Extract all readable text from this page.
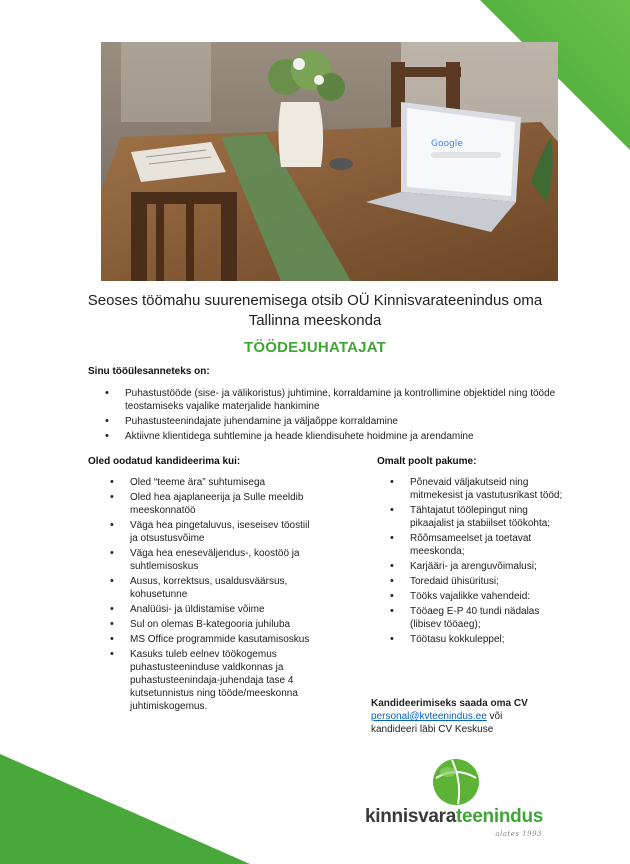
Google
Seoses töömahu suurenemisega otsib OÜ Kinnisvarateenindus oma
Tallinna meeskonda
TÖÖDEJUHATAJAT
Sinu tööülesanneteks on:
• Puhastustööde (sise- ja välikoristus) juhtimine, korraldamine ja kontrollimine objektidel ning tööde teostamiseks vajalike materjalide hankimine
• Puhastusteenindajate juhendamine ja väljaõppe korraldamine
• Aktiivne klientidega suhtlemine ja heade kliendisuhete hoidmine ja arendamine
Oled oodatud kandideerima kui:
• Oled “teeme ära” suhtumisega
• Oled hea ajaplaneerija ja Sulle meeldib meeskonnatöö
• Väga hea pingetaluvus, iseseisev töostiil ja otsustusvõime
• Väga hea eneseväljendus-, koostöö ja suhtlemisoskus
• Ausus, korrektsus, usaldusväärsus, kohusetunne
• Analüüsi- ja üldistamise võime
• Sul on olemas B-kategooria juhiluba
• MS Office programmide kasutamisoskus
• Kasuks tuleb eelnev töökogemus puhastusteeninduse valdkonnas ja puhastusteenindaja-juhendaja tase 4 kutsetunnistus ning tööde/meeskonna juhtimiskogemus.
Omalt poolt pakume:
• Põnevaid väljakutseid ning mitmekesist ja vastutusrikast tööd;
• Tähtajatut töölepingut ning pikaajalist ja stabiilset töökohta;
• Rõõmsameelset ja toetavat meeskonda;
• Karjääri- ja arenguvõimalusi;
• Toredaid ühisüritusi;
• Tööks vajalikke vahendeid:
• Tööaeg E-P 40 tundi nädalas (libisev tööaeg);
• Töötasu kokkuleppel;
Kandideerimiseks saada oma CV
personal@kvteenindus.ee või
kandideeri läbi CV Keskuse
kinnisvarateenindus
alates 1993
